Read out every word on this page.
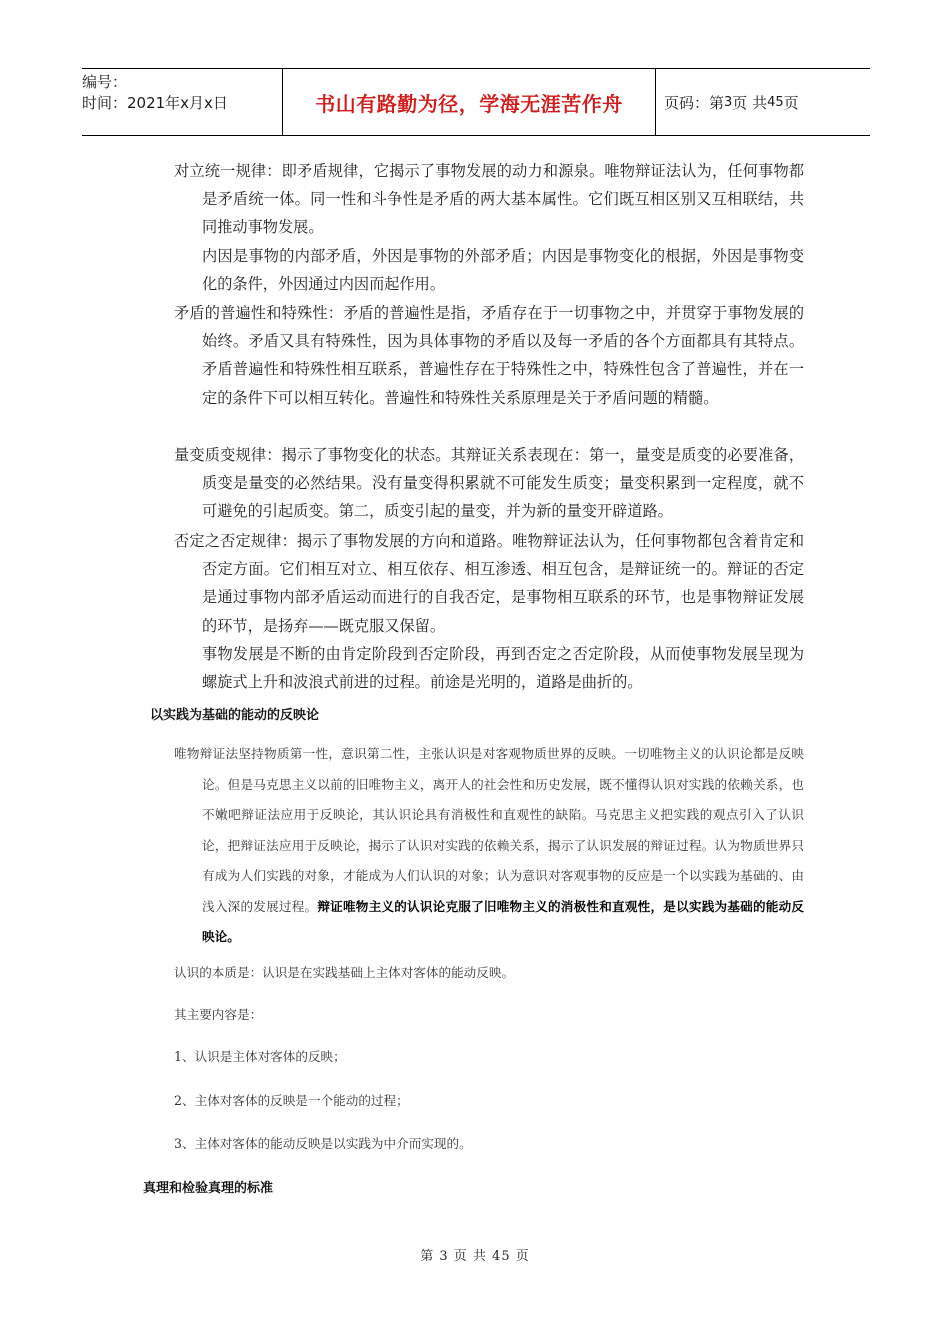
编号：
时间：2021年x月x日	书山有路勤为径，学海无涯苦作舟	页码：第 3 页 共 45 页
对立统一规律：即矛盾规律，它揭示了事物发展的动力和源泉。唯物辩证法认为，任何事物都是矛盾统一体。同一性和斗争性是矛盾的两大基本属性。它们既互相区别又互相联结，共同推动事物发展。
内因是事物的内部矛盾，外因是事物的外部矛盾；内因是事物变化的根据，外因是事物变化的条件，外因通过内因而起作用。
矛盾的普遍性和特殊性：矛盾的普遍性是指，矛盾存在于一切事物之中，并贯穿于事物发展的始终。矛盾又具有特殊性，因为具体事物的矛盾以及每一矛盾的各个方面都具有其特点。矛盾普遍性和特殊性相互联系，普遍性存在于特殊性之中，特殊性包含了普遍性，并在一定的条件下可以相互转化。普遍性和特殊性关系原理是关于矛盾问题的精髓。
量变质变规律：揭示了事物变化的状态。其辩证关系表现在：第一，量变是质变的必要准备，质变是量变的必然结果。没有量变得积累就不可能发生质变；量变积累到一定程度，就不可避免的引起质变。第二，质变引起的量变，并为新的量变开辟道路。
否定之否定规律：揭示了事物发展的方向和道路。唯物辩证法认为，任何事物都包含着肯定和否定方面。它们相互对立、相互依存、相互渗透、相互包含，是辩证统一的。辩证的否定是通过事物内部矛盾运动而进行的自我否定，是事物相互联系的环节，也是事物辩证发展的环节，是扬弃——既克服又保留。
事物发展是不断的由肯定阶段到否定阶段，再到否定之否定阶段，从而使事物发展呈现为螺旋式上升和波浪式前进的过程。前途是光明的，道路是曲折的。
以实践为基础的能动的反映论
唯物辩证法坚持物质第一性，意识第二性，主张认识是对客观物质世界的反映。一切唯物主义的认识论都是反映论。但是马克思主义以前的旧唯物主义，离开人的社会性和历史发展，既不懂得认识对实践的依赖关系，也不嫩吧辩证法应用于反映论，其认识论具有消极性和直观性的缺陷。马克思主义把实践的观点引入了认识论，把辩证法应用于反映论，揭示了认识对实践的依赖关系，揭示了认识发展的辩证过程。认为物质世界只有成为人们实践的对象，才能成为人们认识的对象；认为意识对客观事物的反应是一个以实践为基础的、由浅入深的发展过程。辩证唯物主义的认识论克服了旧唯物主义的消极性和直观性，是以实践为基础的能动反映论。
认识的本质是：认识是在实践基础上主体对客体的能动反映。
其主要内容是：
1、认识是主体对客体的反映；
2、主体对客体的反映是一个能动的过程；
3、主体对客体的能动反映是以实践为中介而实现的。
真理和检验真理的标准
第 3 页 共 45 页
